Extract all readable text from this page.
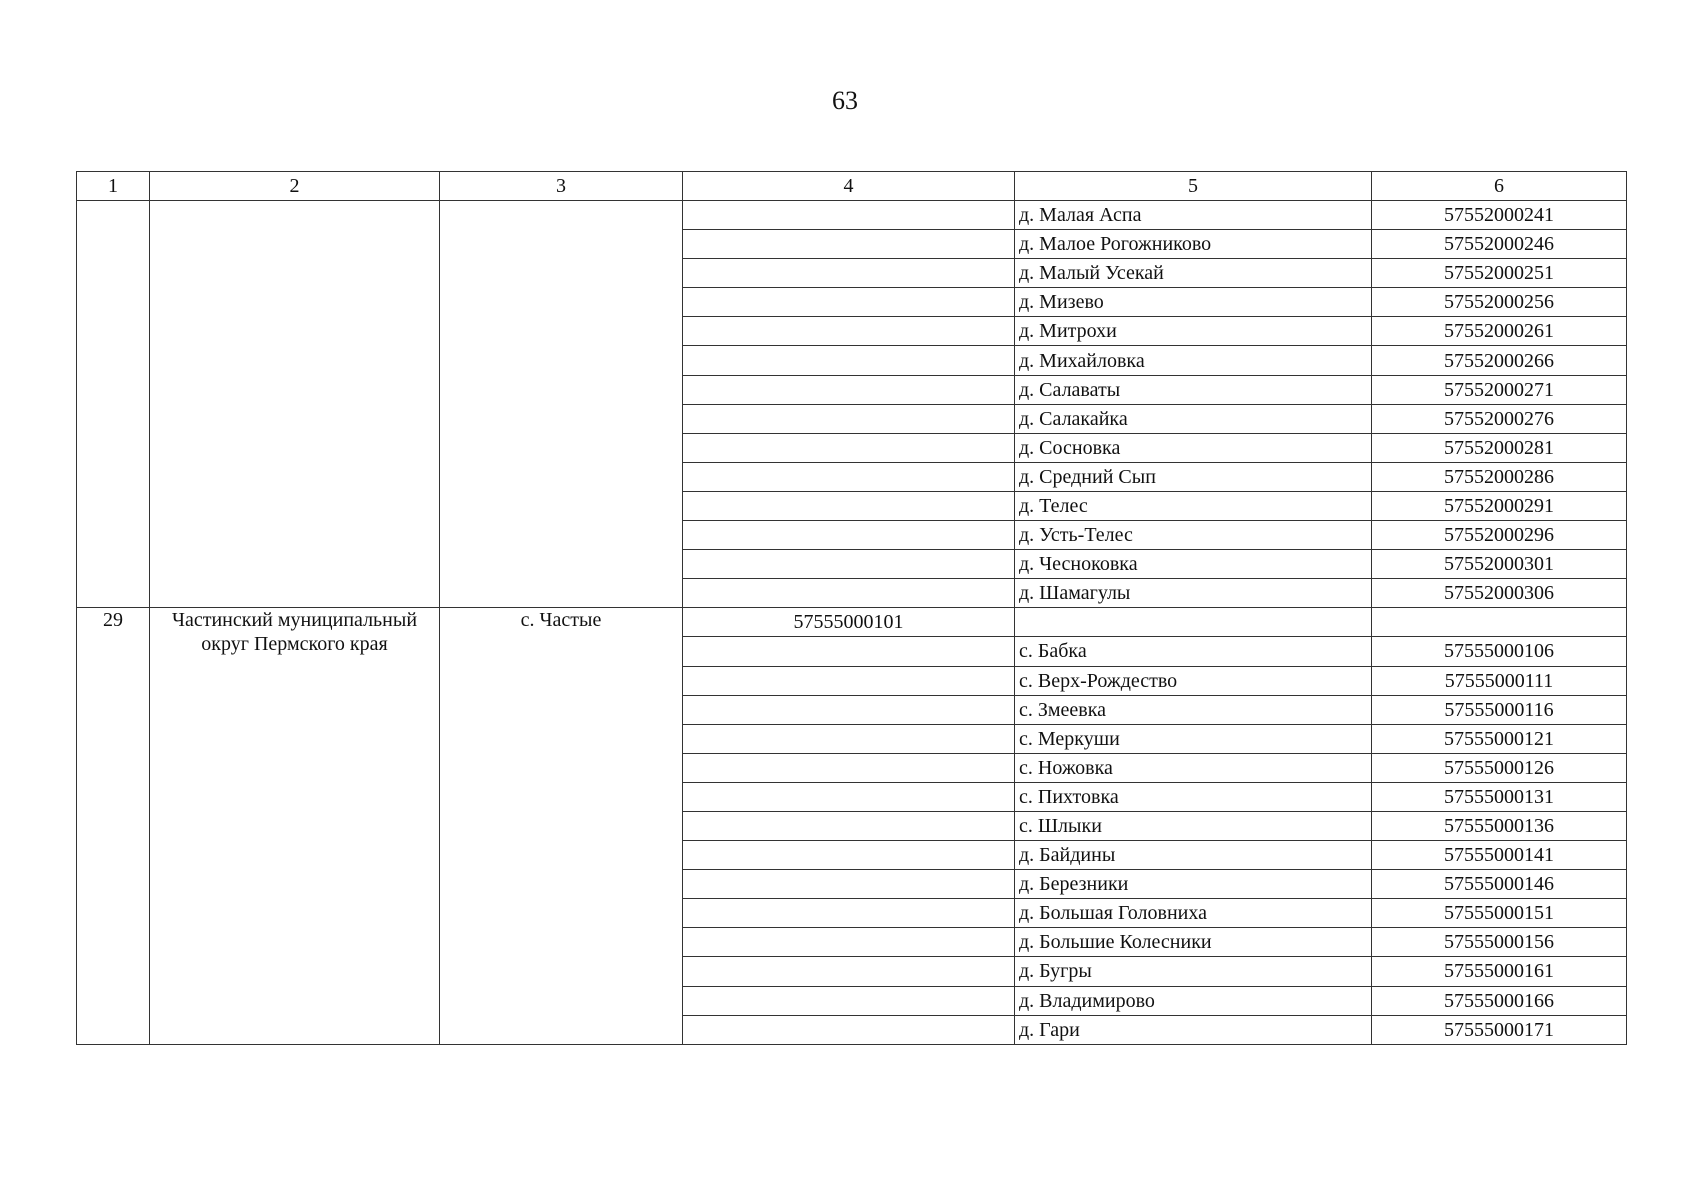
63
1	2	3	4	5	6
				д. Малая Аспа	57552000241
				д. Малое Рогожниково	57552000246
				д. Малый Усекай	57552000251
				д. Мизево	57552000256
				д. Митрохи	57552000261
				д. Михайловка	57552000266
				д. Салаваты	57552000271
				д. Салакайка	57552000276
				д. Сосновка	57552000281
				д. Средний Сып	57552000286
				д. Телес	57552000291
				д. Усть-Телес	57552000296
				д. Чесноковка	57552000301
				д. Шамагулы	57552000306
29	Частинский муниципальный округ Пермского края	с. Частые	57555000101		
				с. Бабка	57555000106
				с. Верх-Рождество	57555000111
				с. Змеевка	57555000116
				с. Меркуши	57555000121
				с. Ножовка	57555000126
				с. Пихтовка	57555000131
				с. Шлыки	57555000136
				д. Байдины	57555000141
				д. Березники	57555000146
				д. Большая Головниха	57555000151
				д. Большие Колесники	57555000156
				д. Бугры	57555000161
				д. Владимирово	57555000166
				д. Гари	57555000171
